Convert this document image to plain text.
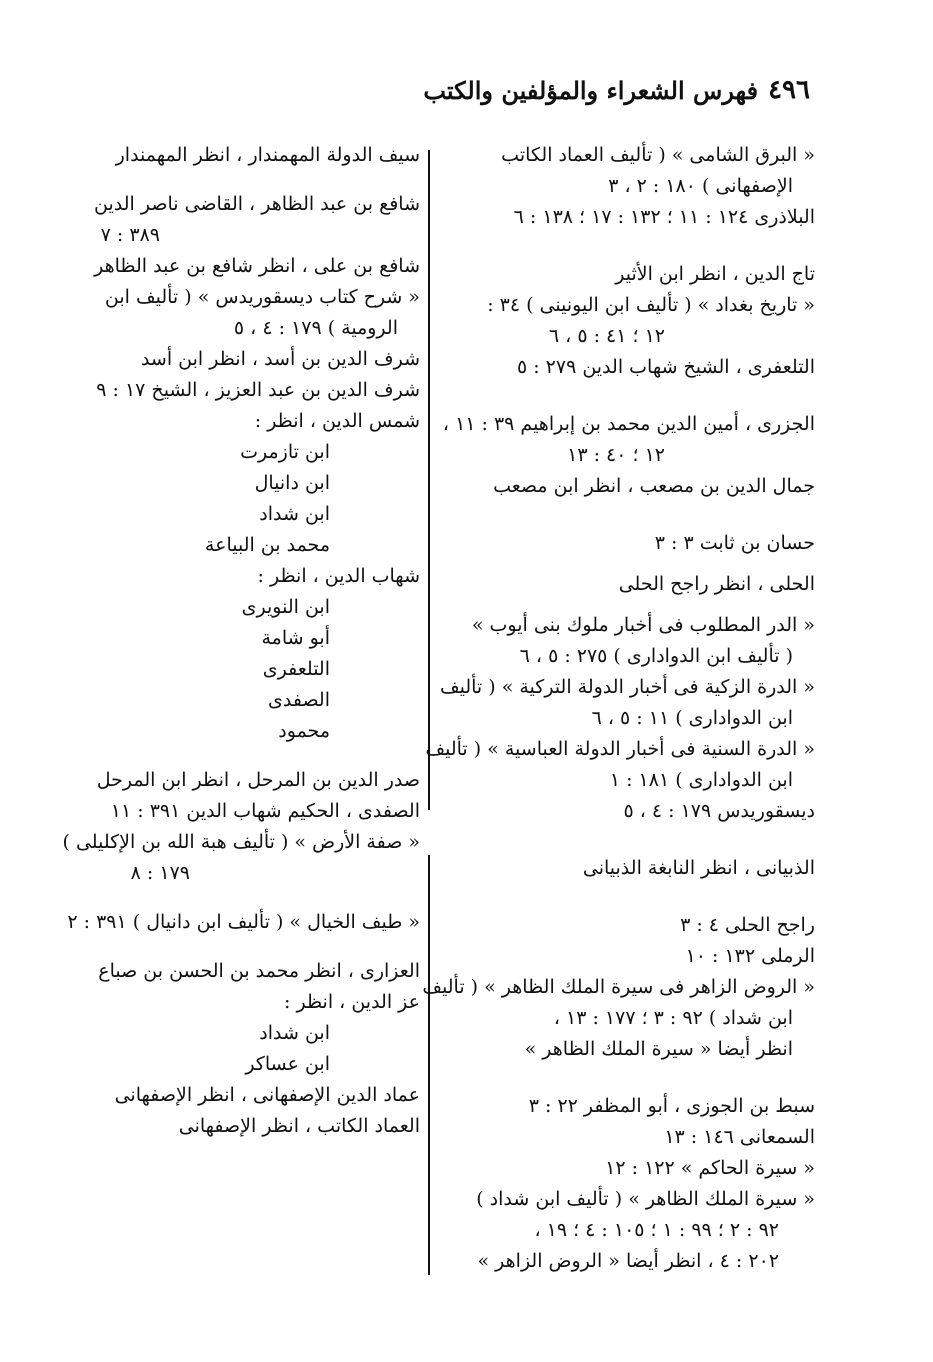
٤٩٦
فهرس الشعراء والمؤلفين والكتب
« البرق الشامى » ( تأليف العماد الكاتب
الإصفهانى ) ١٨٠ : ٢ ، ٣
البلاذرى ١٢٤ : ١١ ؛ ١٣٢ : ١٧ ؛ ١٣٨ : ٦
تاج الدين ، انظر ابن الأثير
« تاريخ بغداد » ( تأليف ابن اليونينى ) ٣٤ :
١٢ ؛ ٤١ : ٥ ، ٦
التلعفرى ، الشيخ شهاب الدين ٢٧٩ : ٥
الجزرى ، أمين الدين محمد بن إبراهيم ٣٩ : ١١ ،
١٢ ؛ ٤٠ : ١٣
جمال الدين بن مصعب ، انظر ابن مصعب
حسان بن ثابت ٣ : ٣
الحلى ، انظر راجح الحلى
« الدر المطلوب فى أخبار ملوك بنى أيوب »
( تأليف ابن الدوادارى ) ٢٧٥ : ٥ ، ٦
« الدرة الزكية فى أخبار الدولة التركية » ( تأليف
ابن الدوادارى ) ١١ : ٥ ، ٦
« الدرة السنية فى أخبار الدولة العباسية » ( تأليف
ابن الدوادارى ) ١٨١ : ١
ديسقوريدس ١٧٩ : ٤ ، ٥
الذبيانى ، انظر النابغة الذبيانى
راجح الحلى ٤ : ٣
الرملى ١٣٢ : ١٠
« الروض الزاهر فى سيرة الملك الظاهر » ( تأليف
ابن شداد ) ٩٢ : ٣ ؛ ١٧٧ : ١٣ ،
انظر أيضا « سيرة الملك الظاهر »
سبط بن الجوزى ، أبو المظفر ٢٢ : ٣
السمعانى ١٤٦ : ١٣
« سيرة الحاكم » ١٢٢ : ١٢
« سيرة الملك الظاهر » ( تأليف ابن شداد )
٩٢ : ٢ ؛ ٩٩ : ١ ؛ ١٠٥ : ٤ ؛ ١٩ ،
٢٠٢ : ٤ ، انظر أيضا « الروض الزاهر »
سيف الدولة المهمندار ، انظر المهمندار
شافع بن عبد الظاهر ، القاضى ناصر الدين
٣٨٩ : ٧
شافع بن على ، انظر شافع بن عبد الظاهر
« شرح كتاب ديسقوريدس » ( تأليف ابن
الرومية ) ١٧٩ : ٤ ، ٥
شرف الدين بن أسد ، انظر ابن أسد
شرف الدين بن عبد العزيز ، الشيخ ١٧ : ٩
شمس الدين ، انظر :
ابن تازمرت
ابن دانيال
ابن شداد
محمد بن البياعة
شهاب الدين ، انظر :
ابن النويرى
أبو شامة
التلعفرى
الصفدى
محمود
صدر الدين بن المرحل ، انظر ابن المرحل
الصفدى ، الحكيم شهاب الدين ٣٩١ : ١١
« صفة الأرض » ( تأليف هبة الله بن الإكليلى )
١٧٩ : ٨
« طيف الخيال » ( تأليف ابن دانيال ) ٣٩١ : ٢
العزارى ، انظر محمد بن الحسن بن صباع
عز الدين ، انظر :
ابن شداد
ابن عساكر
عماد الدين الإصفهانى ، انظر الإصفهانى
العماد الكاتب ، انظر الإصفهانى
